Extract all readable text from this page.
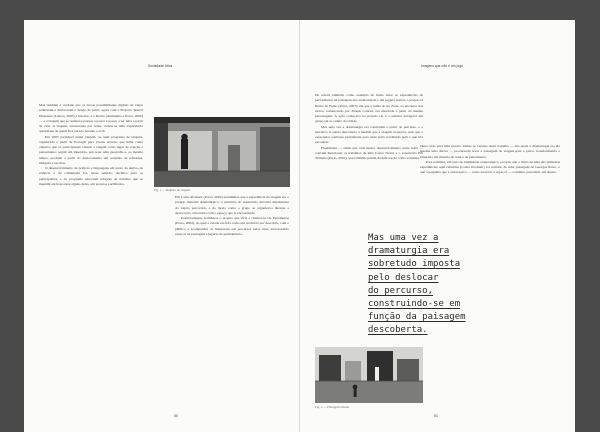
Sociedade Ativa

Mas também é verdade que as novas possibilidades digitais de viajar reduziram e deslocaram o desejo de partir, agora com o Projecto Teatral Itinerante (Lisboa, 2005) e Interior, e o Retiro (Alemanha e Porto, 2006) — e a viagem que se realizava passou a pouco e pouco a ser feita a partir de casa. A viagem, atravessada por redes, tornou-se uma experiência quotidiana de quem fica parado perante o ecrã.

Em 2005 participei numa viagem, ou num programa de viagens, organizado a partir de Portugal para jovens artistas, que tinha como objetivo que os participantes vissem a viagem como lugar de criação e pensamento: seguir um itinerário, percorrer uma geografia e, ao mesmo tempo, produzir a partir do deslocamento um conjunto de reflexões, imagens e escritos.

O desenvolvimento de práticas e linguagens em torno da deriva, da errância e da caminhada foi, nesse sentido, decisivo para os participantes, e do programa nasceram relações de trabalho que se mantêm até hoje entre alguns deles, em projetos partilhados.

Fig. 1 — Registo de viagem.

Em Como Produzir (Porto, 2002) assumimos que a experiência da viagem era o próprio material dramatúrgico: a estrutura do espetáculo decorria diretamente do trajeto percorrido e do modo como o grupo se organizava durante a deslocação, em tensão com o espaço que ia encontrando.

Posteriormente formámos o projeto que viria a chamar-se Os Fenómenos (Porto, 2004), no qual a cidade era lida como um território por descobrir, com o público a acompanhar os intérpretes em percursos pelas ruas, atravessando espaços de passagem e lugares de permanência.

50
Imagens que não é um jogo

De referir também, como exemplo de fusão entre as experiências de performance na paisagem dos audiovisuais e um registo teatral, o projeto O Rumo do Fumo (Porto, 2007), em que a tutela do rio Zaire, ao encontro dos trevos, romanceado por Joseph Conrad, era abordada a partir da mesma personagem. A ação começava no próprio rio e o público navegava em grupo até ao centro da cidade.

Mas uma vez a dramaturgia era construída a partir do percurso, e a narrativa ia sendo descoberta à medida que a viagem avançava, sem que o espectador soubesse exatamente para onde seria conduzido nem o que iria encontrar.

Finalmente — ainda que com menor desenvolvimento neste texto — convém mencionar os trabalhos de Rita Castro Neves e o espetáculo Em Trânsito (Porto, 2010), que também partem da deslocação como estrutura.

Mas uma vez a
dramaturgia era
sobretudo imposta
pelo deslocar
do percurso,
construindo-se em
função da paisagem
descoberta.

Outro lado para uma reação, ambas as versões deste trabalho — nas quais a dramaturgia era ela mesma uma deriva — procuraram levar a passagem da viagem para o palco, transformando o itinerário em matéria de cena e de pensamento.

Para terminar, em jeito de inutilidade arqueológica, recordo que o título de uma das primeiras experiências aqui referidas (Como Produzir) foi retirado de uma passagem de Georges Perec, e que a pergunta que a atravessava — como escrever o espaço? — continua, para mim, em aberto.

Fig. 2 — Paisagem urbana.
51
